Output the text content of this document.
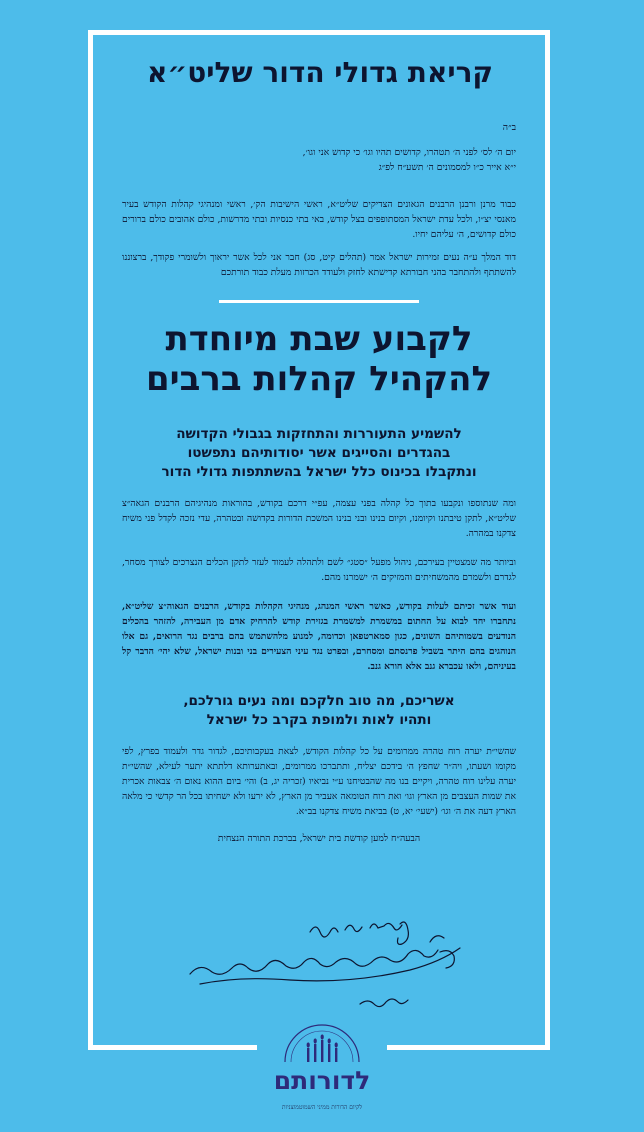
קריאת גדולי הדור שליט״א

ב״ה

יום ה׳ לס׳ לפני ה׳ תטהרו, קדושים תהיו וגו׳ כי קדוש אני וגו׳,

י״א אייר כ״ו למסמונים ה׳ תשע״ח לפ״ג

כבוד מרנן ורבנן הרבנים הגאונים הצדיקים שליט״א, ראשי הישיבות הק׳, ראשי ומנהיגי קהלות הקודש בעיר מאנסי יצ״ו, ולכל עדת ישראל המסתופפים בצל קודש, באי בתי כנסיות ובתי מדרשות, כולם אהובים כולם ברורים כולם קדושים, ה׳ עליהם יחיו.

דוד המלך ע״ה נעים זמירות ישראל אמר (תהלים קיט, סג) חבר אני לכל אשר יראוך ולשומרי פקודך, ברצוננו להשתתף ולהתחבר בהני חבורתא קדישתא לחזק ולעודד הכרזות מעלת כבוד תורתכם

לקבוע שבת מיוחדת
להקהיל קהלות ברבים
להשמיע התעוררות והתחזקות בגבולי הקדושה
בהגדרים והסייגים אשר יסודותיהם נתפשטו
ונתקבלו בכינוס כלל ישראל בהשתתפות גדולי הדור

ומה שנתוספו ונקבעו בתוך כל קהלה בפני עצמה, עפ״י דרכם בקודש, בהוראות מנהיגיהם הרבנים הגאה״צ שליט״א, לתקן טיבתנו וקיומנו, וקיום בנינו ובני בנינו המשכת הדורות בקדושה ובטהרה, עדי נזכה לקדל פני משיח צדקנו במהרה.

וביותר מה שמצטיין בעירכם, ניהול מפעל ״סטג״ לשם ולתהלה לעמוד לעזר לתקן הכלים הנצרכים לצורך מסחר, לגדרם ולשמרם מהמשחיתים והמזיקים ה׳ ישמרנו מהם.

ועוד אשר זכיתם לעלות בקודש, כאשר ראשי המנהג, מנהיגי הקהלות בקודש, הרבנים הגאוה״צ שליט״א, נתחברו יחד לבוא על החתום במשמרת למשמרת בגזירת קודש להרחיק אדם מן העבירה, להזהר בהכלים הנודעים בשמותיהם השונים, כגון סמארטפאן וכדומה, למנוע מלהשתמש בהם ברבים נגד הרואים, גם אלו הנוהגים בהם היתר בשביל פרנסתם ומסחרם, ובפרט נגד עיני הצעירים בני ובנות ישראל, שלא יהי׳ הדבר קל בעיניהם, ולאו עכברא גנב אלא חורא גנב.

אשריכם, מה טוב חלקכם ומה נעים גורלכם,
ותהיו לאות ולמופת בקרב כל ישראל

שהשי״ת יערה רוח טהרה ממרומים על כל קהלות הקודש, לצאת בעקבותיכם, לגדור גדר ולעמוד בפרץ, לפי מקומו ושעתו, ויה״ר שחפץ ה׳ בידכם יצליח, ותתברכו ממרומים, ובאתערותא דלתתא יתער לעילא, שהשי״ת יערה עלינו רוח טהרה, ויקיים בנו מה שהבטיחנו ע״י נביאיו (זכריה יג, ב) והי׳ ביום ההוא נאום ה׳ צבאות אכרית את שמות העצבים מן הארץ וגו׳ ואת רוח הטומאה אעביר מן הארץ, לא ירעו ולא ישחיתו בכל הר קדשי כי מלאה הארץ דעה את ה׳ וגו׳ (ישעי׳ יא, ט) בביאת משיח צדקנו בב״א.

הבעה״ח למען קודשת בית ישראל, בברכת התורה הנצחית

לדורותם
לקיום הדורות ממיני השמוטמוצניות
